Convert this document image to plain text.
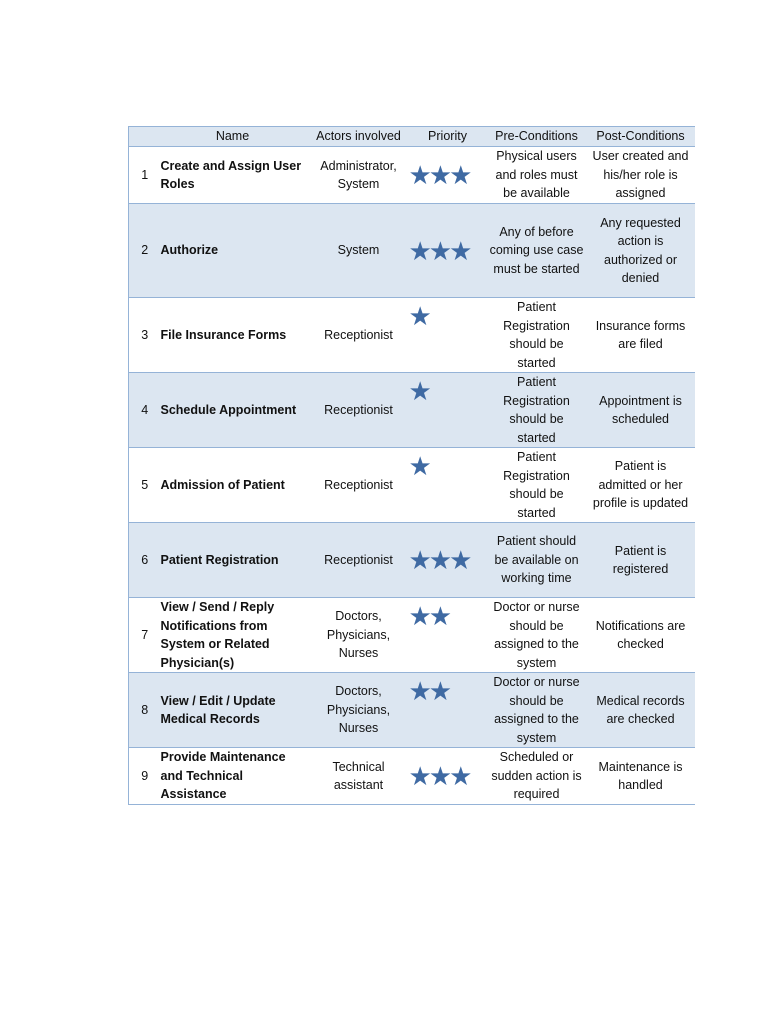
	Name	Actors involved	Priority	Pre-Conditions	Post-Conditions
1	Create and Assign User Roles	Administrator, System	★★★	Physical users and roles must be available	User created and his/her role is assigned
2	Authorize	System	★★★	Any of before coming use case must be started	Any requested action is authorized or denied
3	File Insurance Forms	Receptionist	★	Patient Registration should be started	Insurance forms are filed
4	Schedule Appointment	Receptionist	★	Patient Registration should be started	Appointment is scheduled
5	Admission of Patient	Receptionist	★	Patient Registration should be started	Patient is admitted or her profile is updated
6	Patient Registration	Receptionist	★★★	Patient should be available on working time	Patient is registered
7	View / Send / Reply Notifications from System or Related Physician(s)	Doctors, Physicians, Nurses	★★	Doctor or nurse should be assigned to the system	Notifications are checked
8	View / Edit / Update Medical Records	Doctors, Physicians, Nurses	★★	Doctor or nurse should be assigned to the system	Medical records are checked
9	Provide Maintenance and Technical Assistance	Technical assistant	★★★	Scheduled or sudden action is required	Maintenance is handled
